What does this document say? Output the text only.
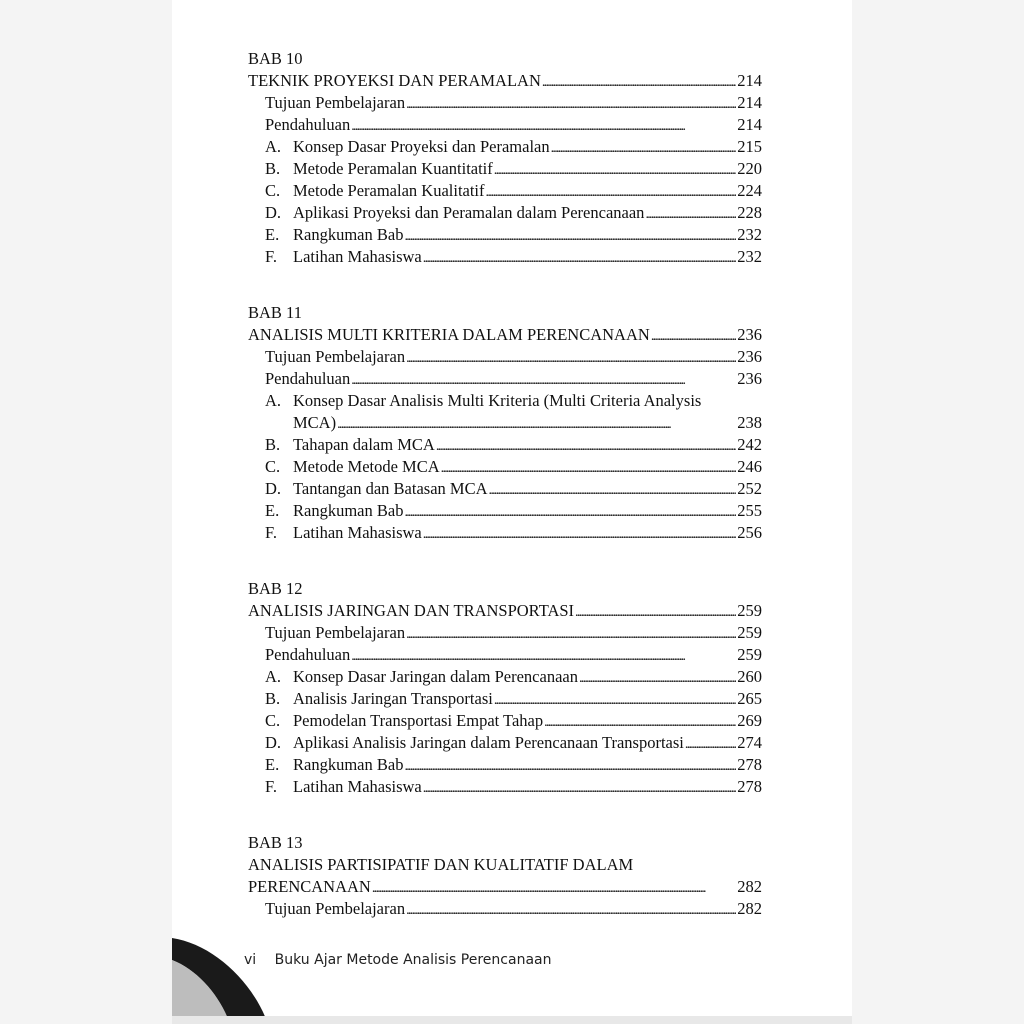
BAB 10
TEKNIK PROYEKSI DAN PERAMALAN . . .	214
Tujuan Pembelajaran . . .	214
Pendahuluan . . .	214
A. Konsep Dasar Proyeksi dan Peramalan . . .	215
B. Metode Peramalan Kuantitatif . . .	220
C. Metode Peramalan Kualitatif . . .	224
D. Aplikasi Proyeksi dan Peramalan dalam Perencanaan . . .	228
E. Rangkuman Bab . . .	232
F. Latihan Mahasiswa . . .	232
BAB 11
ANALISIS MULTI KRITERIA DALAM PERENCANAAN . . .	236
Tujuan Pembelajaran . . .	236
Pendahuluan . . .	236
A. Konsep Dasar Analisis Multi Kriteria (Multi Criteria Analysis
MCA) . . .	238
B. Tahapan dalam MCA . . .	242
C. Metode Metode MCA . . .	246
D. Tantangan dan Batasan MCA . . .	252
E. Rangkuman Bab . . .	255
F. Latihan Mahasiswa . . .	256
BAB 12
ANALISIS JARINGAN DAN TRANSPORTASI . . .	259
Tujuan Pembelajaran . . .	259
Pendahuluan . . .	259
A. Konsep Dasar Jaringan dalam Perencanaan . . .	260
B. Analisis Jaringan Transportasi . . .	265
C. Pemodelan Transportasi Empat Tahap . . .	269
D. Aplikasi Analisis Jaringan dalam Perencanaan Transportasi . . .	274
E. Rangkuman Bab . . .	278
F. Latihan Mahasiswa . . .	278
BAB 13
ANALISIS PARTISIPATIF DAN KUALITATIF DALAM
PERENCANAAN . . .	282
Tujuan Pembelajaran . . .	282
vi Buku Ajar Metode Analisis Perencanaan
